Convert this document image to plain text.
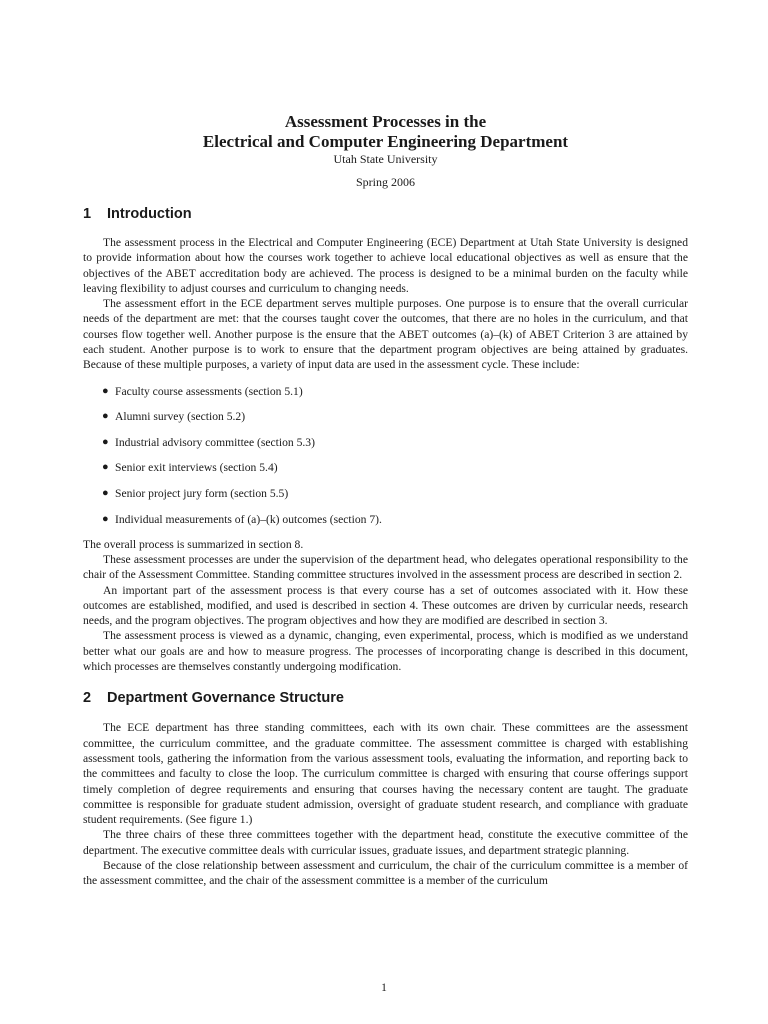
Assessment Processes in the
Electrical and Computer Engineering Department
Utah State University
Spring 2006
1 Introduction

The assessment process in the Electrical and Computer Engineering (ECE) Department at Utah State University is designed to provide information about how the courses work together to achieve local educational objectives as well as ensure that the objectives of the ABET accreditation body are achieved. The process is designed to be a minimal burden on the faculty while leaving flexibility to adjust courses and curriculum to changing needs.

The assessment effort in the ECE department serves multiple purposes. One purpose is to ensure that the overall curricular needs of the department are met: that the courses taught cover the outcomes, that there are no holes in the curriculum, and that courses flow together well. Another purpose is the ensure that the ABET outcomes (a)–(k) of ABET Criterion 3 are attained by each student. Another purpose is to work to ensure that the department program objectives are being attained by graduates. Because of these multiple purposes, a variety of input data are used in the assessment cycle. These include:

● Faculty course assessments (section 5.1)
● Alumni survey (section 5.2)
● Industrial advisory committee (section 5.3)
● Senior exit interviews (section 5.4)
● Senior project jury form (section 5.5)
● Individual measurements of (a)–(k) outcomes (section 7).

The overall process is summarized in section 8.

These assessment processes are under the supervision of the department head, who delegates operational responsibility to the chair of the Assessment Committee. Standing committee structures involved in the assessment process are described in section 2.

An important part of the assessment process is that every course has a set of outcomes associated with it. How these outcomes are established, modified, and used is described in section 4. These outcomes are driven by curricular needs, research needs, and the program objectives. The program objectives and how they are modified are described in section 3.

The assessment process is viewed as a dynamic, changing, even experimental, process, which is modified as we understand better what our goals are and how to measure progress. The processes of incorporating change is described in this document, which processes are themselves constantly undergoing modification.

2 Department Governance Structure

The ECE department has three standing committees, each with its own chair. These committees are the assessment committee, the curriculum committee, and the graduate committee. The assessment committee is charged with establishing assessment tools, gathering the information from the various assessment tools, evaluating the information, and reporting back to the committees and faculty to close the loop. The curriculum committee is charged with ensuring that course offerings support timely completion of degree requirements and ensuring that courses having the necessary content are taught. The graduate committee is responsible for graduate student admission, oversight of graduate student research, and compliance with graduate student requirements. (See figure 1.)

The three chairs of these three committees together with the department head, constitute the executive committee of the department. The executive committee deals with curricular issues, graduate issues, and department strategic planning.

Because of the close relationship between assessment and curriculum, the chair of the curriculum committee is a member of the assessment committee, and the chair of the assessment committee is a member of the curriculum

1
